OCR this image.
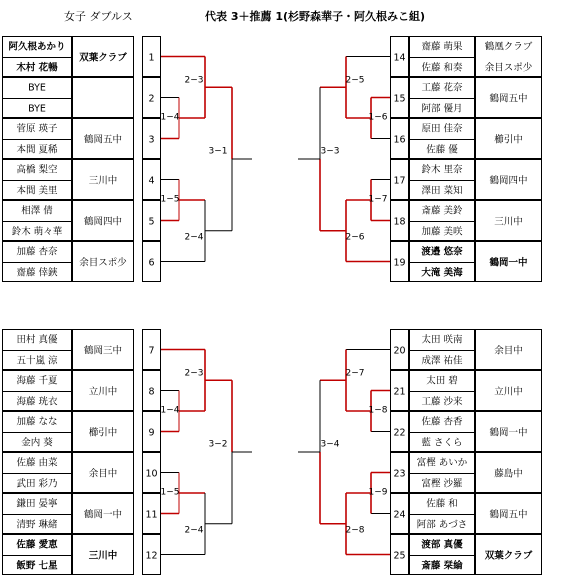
女子 ダブルス	代表 3＋推薦 1(杉野森華子・阿久根みこ組)
阿久根あかり
木村 花暢
双葉クラブ 1
BYE
BYE
2
菅原 瑛子
本間 夏稀
鶴岡五中	3
高橋 梨空
本間 美里
三川中	4
相澤 倩
鈴木 萌々華
鶴岡四中	5
加藤 杏奈
齋藤 倖鋏
余目スポ少 6
齋藤 萌果
佐藤 和奏
鶴凰クラブ
余目スポ少
14
工藤 花奈
阿部 優月
鶴岡五中
15
原田 佳奈
佐藤 優
櫛引中
16
鈴木 里奈
澤田 菜知
鶴岡四中
17
斎藤 美鈴
加藤 美咲
三川中
18
渡邉 悠奈
大滝 美海
鶴岡一中
19
田村 真優
五十嵐 涼
鶴岡三中	7
海藤 千夏
海藤 珖衣
立川中	8
加藤 なな
金内 葵
櫛引中	9
佐藤 由菜
武田 彩乃
余目中	10
鎌田 晏寧
清野 琳緒
鶴岡一中 11
佐藤 愛恵
飯野 七星
三川中	12
太田 咲南
成澤 祐佳
余目中
20
太田 碧
工藤 沙来
立川中
21
佐藤 杏香
藍 さくら
鶴岡一中
22
富樫 あいか
富樫 沙羅
藤島中
23
佐藤 和
阿部 あづさ
鶴岡五中
24
渡部 真優
斎藤 栞綸
双葉クラブ
25
1−4
2−3
1−5
2−4
3−1
2−5
1−6
1−7
2−6
3−3
1−4
2−3
1−5
2−4
3−2
2−7
1−8
1−9
2−8
3−4
